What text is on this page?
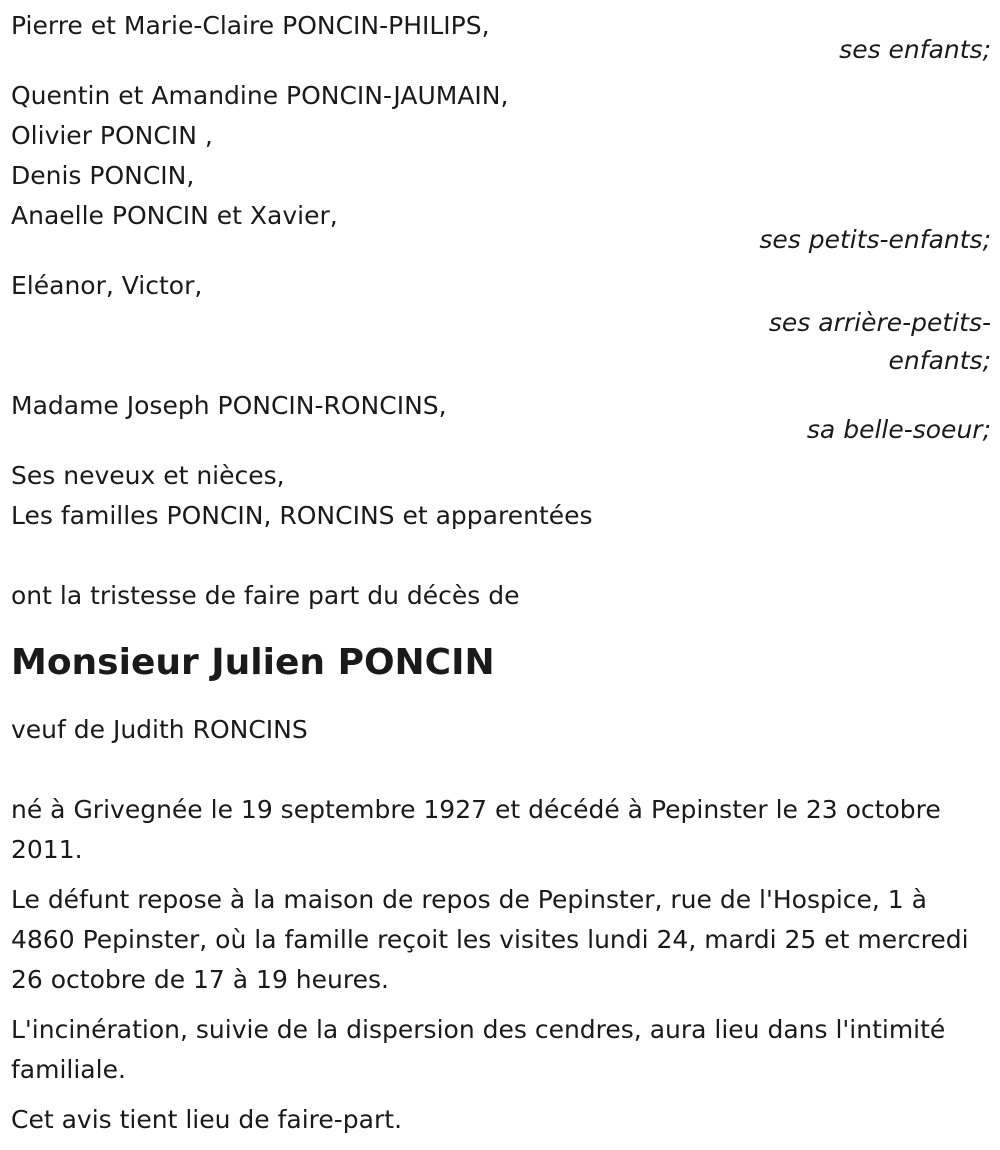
Pierre et Marie-Claire PONCIN-PHILIPS,
ses enfants;
Quentin et Amandine PONCIN-JAUMAIN,
Olivier PONCIN ,
Denis PONCIN,
Anaelle PONCIN et Xavier,
ses petits-enfants;
Eléanor, Victor,
ses arrière-petits-enfants;
Madame Joseph PONCIN-RONCINS,
sa belle-soeur;
Ses neveux et nièces,
Les familles PONCIN, RONCINS et apparentées
ont la tristesse de faire part du décès de
Monsieur Julien PONCIN
veuf de Judith RONCINS
né à Grivegnée le 19 septembre 1927 et décédé à Pepinster le 23 octobre 2011.
Le défunt repose à la maison de repos de Pepinster, rue de l'Hospice, 1 à 4860 Pepinster, où la famille reçoit les visites lundi 24, mardi 25 et mercredi 26 octobre de 17 à 19 heures.
L'incinération, suivie de la dispersion des cendres, aura lieu dans l'intimité familiale.
Cet avis tient lieu de faire-part.
